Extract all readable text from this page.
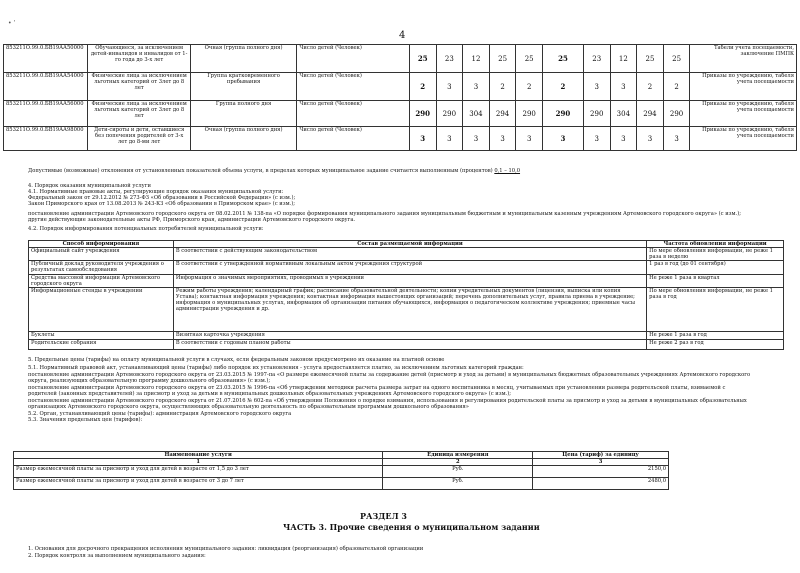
• ’
4
853211О.99.0.БВ19АА50000	Обучающиеся, за исключением детей-инвалидов и инвалидов от 1-го года до 3-х лет	Очная (группа полного дня)	Число детей (Человек)	25	23	12	25	25	25	23	12	25	25	Табели учета посещаемости, заключение ПМПК
853211О.99.0.БВ19АА54000	Физические лица за исключением льготных категорий от 3лет до 8 лет	Группа кратковременного пребывания	Число детей (Человек)	2	3	3	2	2	2	3	3	2	2	Приказы по учреждению, табеля учета посещаемости
853211О.99.0.БВ19АА56000	Физические лица за исключением льготных категорий от 3лет до 8 лет	Группа полного дня	Число детей (Человек)	290	290	304	294	290	290	290	304	294	290	Приказы по учреждению, табеля учета посещаемости
853211О.99.0.БВ19АА98000	Дети-сироты и дети, оставшиеся без попечения родителей от 3-х лет до 8-ми лет	Очная (группа полного дня)	Число детей (Человек)	3	3	3	3	3	3	3	3	3	3	Приказы по учреждению, табеля учета посещаемости
Допустимые (возможные) отклонения от установленных показателей объема услуги, в пределах которых муниципальное задание считается выполненным (процентов) 0,1 – 10,0
4. Порядок оказания муниципальной услуги
4.1. Нормативные правовые акты, регулирующие порядок оказания муниципальной услуги:
Федеральный закон от 29.12.2012 № 273-ФЗ «Об образовании в Российской Федерации» (с изм.);
Закон Приморского края от 13.08.2013 № 243-КЗ «Об образовании в Приморском крае» (с изм.);
постановление администрации Артемовского городского округа от 08.02.2011 № 138-па «О порядке формирования муниципального задания муниципальным бюджетным и муниципальным казенным учреждениям Артемовского городского округа» (с изм.);
другие действующие законодательные акты РФ, Приморского края, администрации Артемовского городского округа.
4.2. Порядок информирования потенциальных потребителей муниципальной услуги:
Способ информирования	Состав размещаемой информации	Частота обновления информации
Официальный сайт учреждения	В соответствии с действующим законодательством	По мере обновления информации, не реже 1 раза в неделю
Публичный доклад руководителя учреждения о результатах самообследования	В соответствии с утвержденной нормативным локальным актом учреждения структурой	1 раз в год (до 01 сентября)
Средства массовой информации Артемовского городского округа	Информация о значимых мероприятиях, проводимых в учреждении	Не реже 1 раза в квартал
Информационные стенды в учреждении	Режим работы учреждения; календарный график; расписание образовательной деятельности; копии учредительных документов (лицензия, выписка или копия Устава); контактная информация учреждения; контактная информация вышестоящих организаций; перечень дополнительных услуг, правила приема в учреждение; информация о муниципальных услугах, информация об организации питания обучающихся, информация о педагогическом коллективе учреждения; приемные часы администрации учреждения и др.	По мере обновления информации, не реже 1 раза в год
Буклеты	Визитная карточка учреждения	Не реже 1 раза в год
Родительские собрания	В соответствии с годовым планом работы	Не реже 2 раз в год
5. Предельные цены (тарифы) на оплату муниципальной услуги в случаях, если федеральным законом предусмотрено их оказание на платной основе
5.1. Нормативный правовой акт, устанавливающий цены (тарифы) либо порядок их установления - услуга предоставляется платно, за исключением льготных категорий граждан:
постановление администрации Артемовского городского округа от 23.03.2015 № 1997-па «О размере ежемесячной платы за содержание детей (присмотр и уход за детьми) в муниципальных бюджетных образовательных учреждениях Артемовского городского
округа, реализующих образовательную программу дошкольного образования» (с изм.);
постановление администрации Артемовского городского округа от 23.03.2015 № 1996-па «Об утверждении методики расчета размера затрат на одного воспитанника в месяц, учитываемых при установлении размера родительской платы, взимаемой с
родителей (законных представителей) за присмотр и уход за детьми в муниципальных дошкольных образовательных учреждениях Артемовского городского округа» (с изм.);
постановление администрации Артемовского городского округа от 21.07.2016 № 602-па «Об утверждении Положения о порядке взимания, использования и регулирования родительской платы за присмотр и уход за детьми в муниципальных образовательных
организациях Артемовского городского округа, осуществляющих образовательную деятельность по образовательным программам дошкольного образования»
5.2. Орган, устанавливающий цены (тарифы): администрация Артемовского городского округа
5.3. Значения предельных цен (тарифов):
Наименование услуги	Единица измерения	Цена (тариф) за единицу
1	2	3
Размер ежемесячной платы за присмотр и уход для детей в возрасте от 1,5 до 3 лет	Руб.	2150,0
Размер ежемесячной платы за присмотр и уход для детей в возрасте от 3 до 7 лет	Руб.	2480,0
РАЗДЕЛ 3
ЧАСТЬ 3. Прочие сведения о муниципальном задании
1. Основания для досрочного прекращения исполнения муниципального задания: ликвидация (реорганизация) образовательной организации
2. Порядок контроля за выполнением муниципального задания:
